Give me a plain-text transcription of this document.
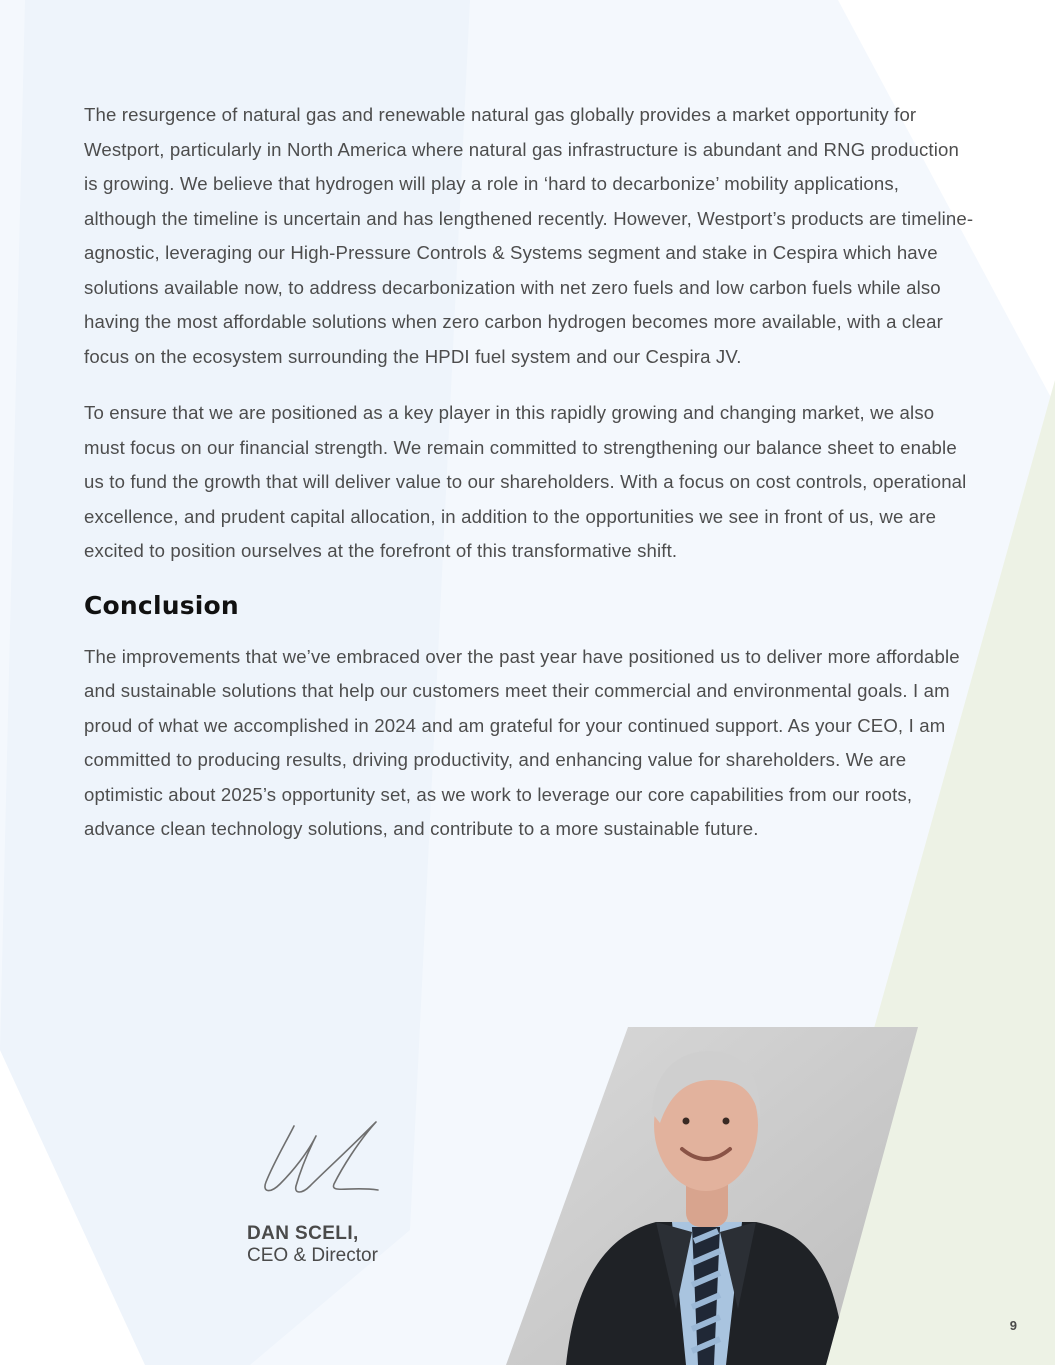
The resurgence of natural gas and renewable natural gas globally provides a market opportunity for Westport, particularly in North America where natural gas infrastructure is abundant and RNG production is growing. We believe that hydrogen will play a role in ‘hard to decarbonize’ mobility applications, although the timeline is uncertain and has lengthened recently. However, Westport’s products are timeline-agnostic, leveraging our High-Pressure Controls & Systems segment and stake in Cespira which have solutions available now, to address decarbonization with net zero fuels and low carbon fuels while also having the most affordable solutions when zero carbon hydrogen becomes more available, with a clear focus on the ecosystem surrounding the HPDI fuel system and our Cespira JV.

To ensure that we are positioned as a key player in this rapidly growing and changing market, we also must focus on our financial strength. We remain committed to strengthening our balance sheet to enable us to fund the growth that will deliver value to our shareholders. With a focus on cost controls, operational excellence, and prudent capital allocation, in addition to the opportunities we see in front of us, we are excited to position ourselves at the forefront of this transformative shift.

Conclusion

The improvements that we’ve embraced over the past year have positioned us to deliver more affordable and sustainable solutions that help our customers meet their commercial and environmental goals. I am proud of what we accomplished in 2024 and am grateful for your continued support. As your CEO, I am committed to producing results, driving productivity, and enhancing value for shareholders. We are optimistic about 2025’s opportunity set, as we work to leverage our core capabilities from our roots, advance clean technology solutions, and contribute to a more sustainable future.

DAN SCELI,
CEO & Director
9
